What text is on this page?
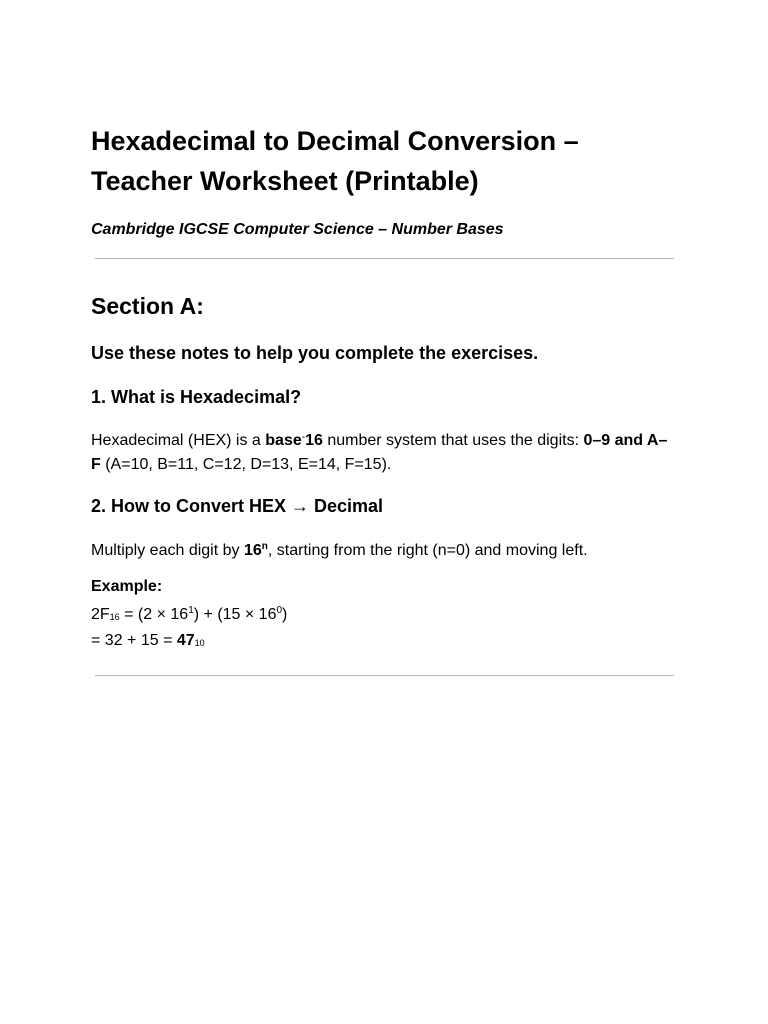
Hexadecimal to Decimal Conversion – Teacher Worksheet (Printable)

Cambridge IGCSE Computer Science – Number Bases

Section A:

Use these notes to help you complete the exercises.

1. What is Hexadecimal?

Hexadecimal (HEX) is a base-16 number system that uses the digits: 0–9 and A–F (A=10, B=11, C=12, D=13, E=14, F=15).

2. How to Convert HEX → Decimal

Multiply each digit by 16$^n$, starting from the right (n=0) and moving left.

Example:
$2F16 = (2 \times 16^1) + (15 \times 16^0)$
= 32 + 15 = 4710
